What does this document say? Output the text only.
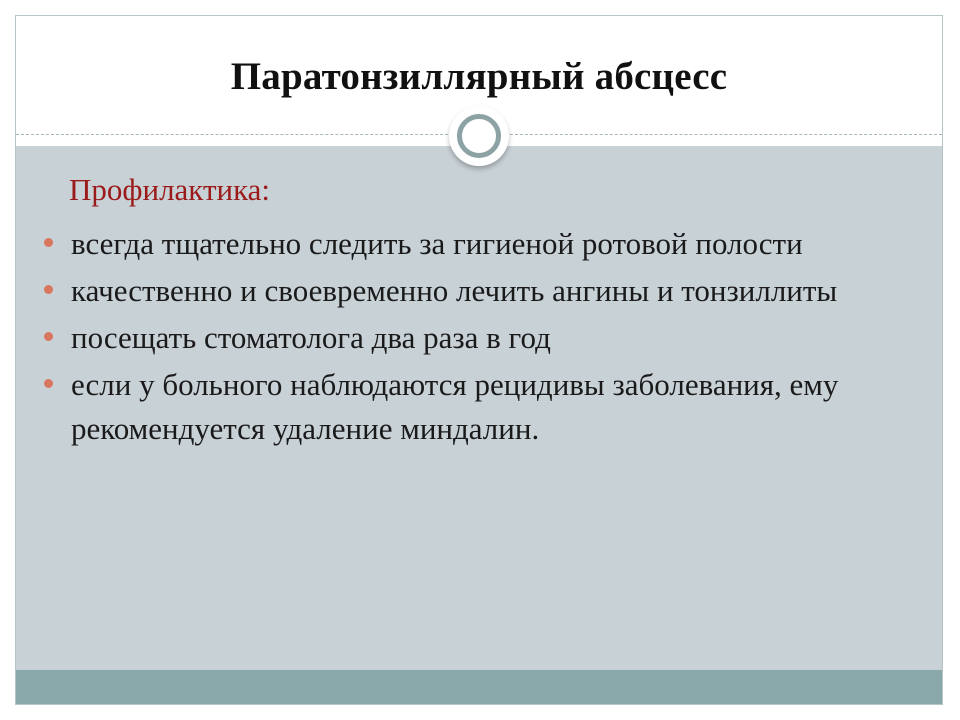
Паратонзиллярный абсцесс
Профилактика:
всегда тщательно следить за гигиеной ротовой полости
качественно и своевременно лечить ангины и тонзиллиты
посещать стоматолога два раза в год
если у больного наблюдаются рецидивы заболевания, ему рекомендуется удаление миндалин.
